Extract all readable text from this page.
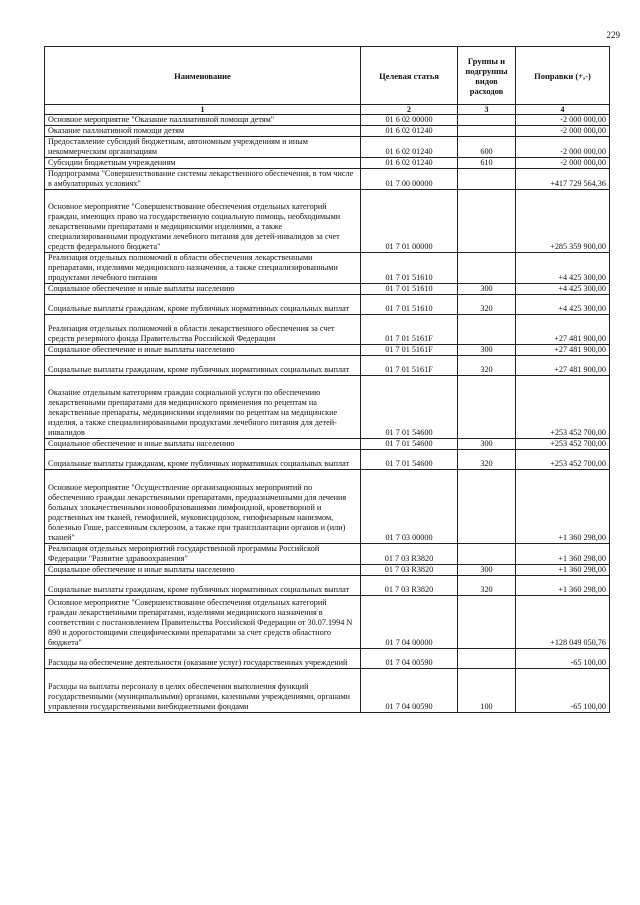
229
Наименование	Целевая статья	Группы и подгруппы видов расходов	Поправки (+,-)
1	2	3	4
Основное мероприятие "Оказание паллиативной помощи детям"	01 6 02 00000		-2 000 000,00
Оказание паллиативной помощи детям	01 6 02 01240		-2 000 000,00
Предоставление субсидий бюджетным, автономным учреждениям и иным некоммерческим организациям	01 6 02 01240	600	-2 000 000,00
Субсидии бюджетным учреждениям	01 6 02 01240	610	-2 000 000,00
Подпрограмма "Совершенствование системы лекарственного обеспечения, в том числе в амбулаторных условиях"	01 7 00 00000		+417 729 564,36
Основное мероприятие "Совершенствование обеспечения отдельных категорий граждан, имеющих право на государственную социальную помощь, необходимыми лекарственными препаратами и медицинскими изделиями, а также специализированными продуктами лечебного питания для детей-инвалидов за счет средств федерального бюджета"	01 7 01 00000		+285 359 900,00
Реализация отдельных полномочий в области обеспечения лекарственными препаратами, изделиями медицинского назначения, а также специализированными продуктами лечебного питания	01 7 01 51610		+4 425 300,00
Социальное обеспечение и иные выплаты населению	01 7 01 51610	300	+4 425 300,00
Социальные выплаты гражданам, кроме публичных нормативных социальных выплат	01 7 01 51610	320	+4 425 300,00
Реализация отдельных полномочий в области лекарственного обеспечения за счет средств резервного фонда Правительства Российской Федерации	01 7 01 5161F		+27 481 900,00
Социальное обеспечение и иные выплаты населению	01 7 01 5161F	300	+27 481 900,00
Социальные выплаты гражданам, кроме публичных нормативных социальных выплат	01 7 01 5161F	320	+27 481 900,00
Оказание отдельным категориям граждан социальной услуги по обеспечению лекарственными препаратами для медицинского применения по рецептам на лекарственные препараты, медицинскими изделиями по рецептам на медицинские изделия, а также специализированными продуктами лечебного питания для детей-инвалидов	01 7 01 54600		+253 452 700,00
Социальное обеспечение и иные выплаты населению	01 7 01 54600	300	+253 452 700,00
Социальные выплаты гражданам, кроме публичных нормативных социальных выплат	01 7 01 54600	320	+253 452 700,00
Основное мероприятие "Осуществление организационных мероприятий по обеспечению граждан лекарственными препаратами, предназначенными для лечения больных злокачественными новообразованиями лимфоидной, кроветворной и родственных им тканей, гемофилией, муковисцидозом, гипофизарным нанизмом, болезнью Гоше, рассеянным склерозом, а также при трансплантации органов и (или) тканей"	01 7 03 00000		+1 360 298,00
Реализация отдельных мероприятий государственной программы Российской Федерации "Развитие здравоохранения"	01 7 03 R3820		+1 360 298,00
Социальное обеспечение и иные выплаты населению	01 7 03 R3820	300	+1 360 298,00
Социальные выплаты гражданам, кроме публичных нормативных социальных выплат	01 7 03 R3820	320	+1 360 298,00
Основное мероприятие "Совершенствование обеспечения отдельных категорий граждан лекарственными препаратами, изделиями медицинского назначения в соответствии с постановлением Правительства Российской Федерации от 30.07.1994 N 890 и дорогостоящими специфическими препаратами за счет средств областного бюджета"	01 7 04 00000		+128 049 050,76
Расходы на обеспечение деятельности (оказание услуг) государственных учреждений	01 7 04 00590		-65 100,00
Расходы на выплаты персоналу в целях обеспечения выполнения функций государственными (муниципальными) органами, казенными учреждениями, органами управления государственными внебюджетными фондами	01 7 04 00590	100	-65 100,00
